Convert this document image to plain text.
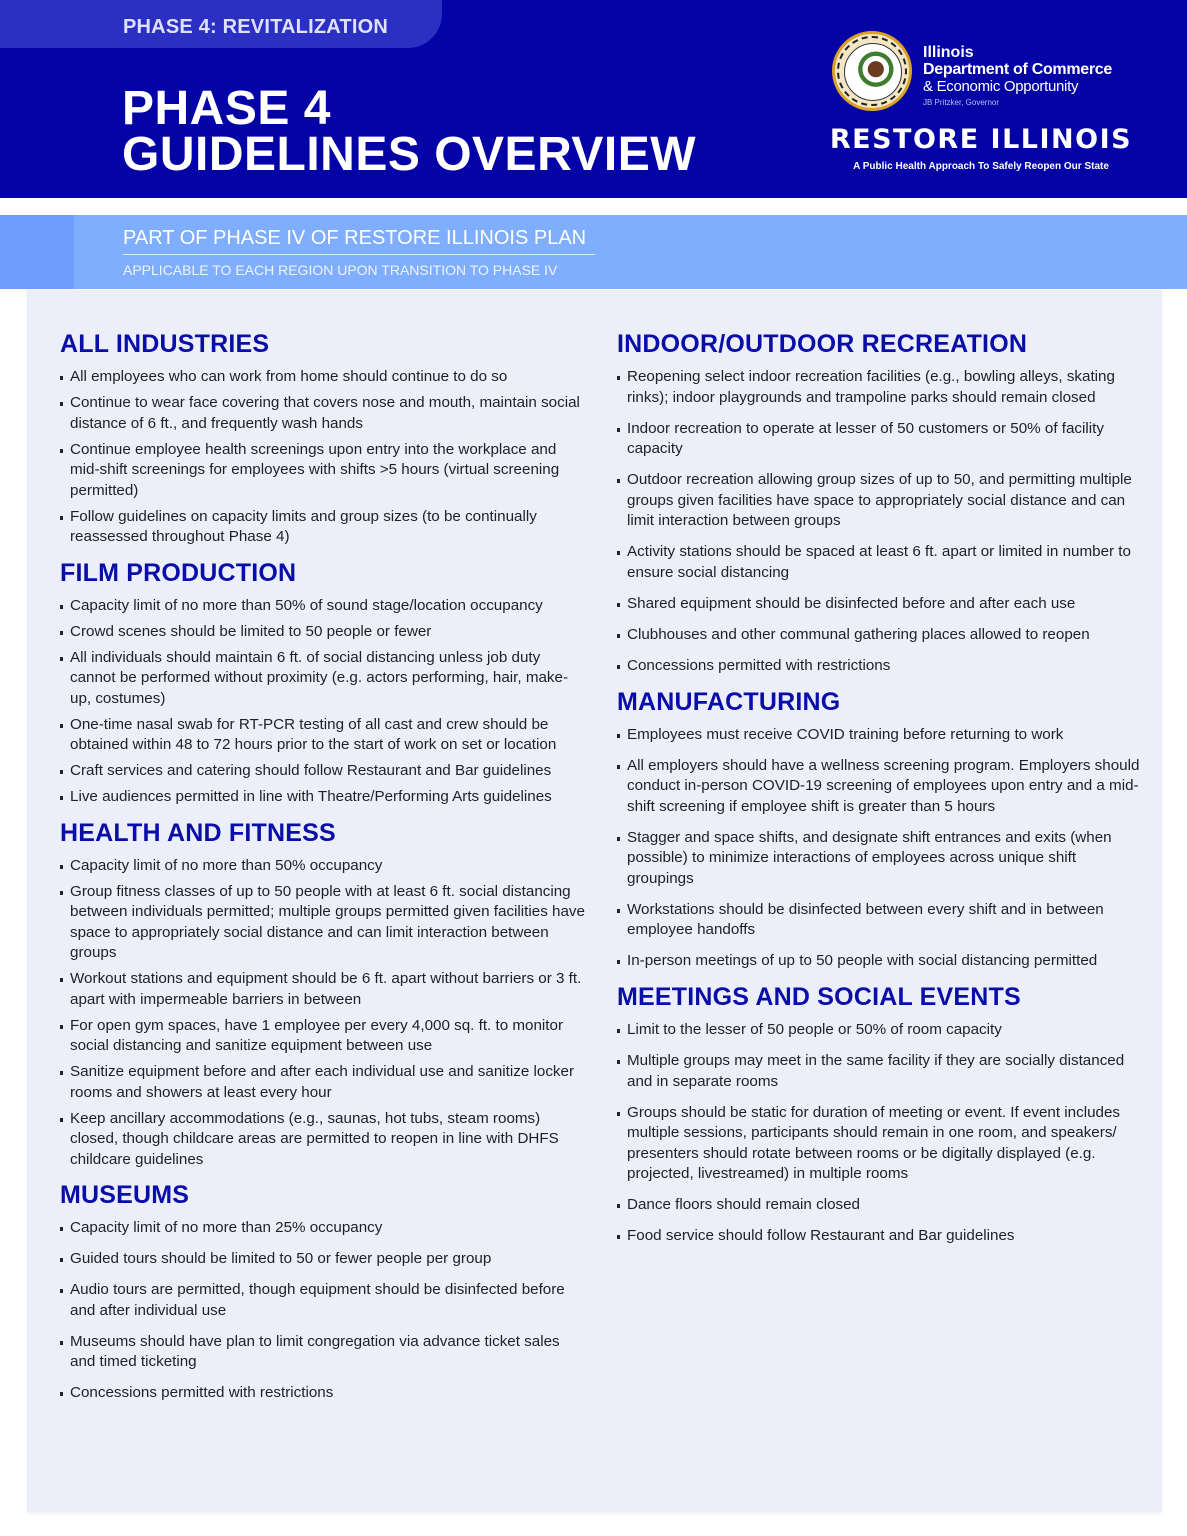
PHASE 4: REVITALIZATION
PHASE 4
GUIDELINES OVERVIEW
Illinois
Department of Commerce
& Economic Opportunity
JB Pritzker, Governor
RESTORE ILLINOIS
A Public Health Approach To Safely Reopen Our State
PART OF PHASE IV OF RESTORE ILLINOIS PLAN
APPLICABLE TO EACH REGION UPON TRANSITION TO PHASE IV
ALL INDUSTRIES
All employees who can work from home should continue to do so
Continue to wear face covering that covers nose and mouth, maintain social distance of 6 ft., and frequently wash hands
Continue employee health screenings upon entry into the workplace and mid-shift screenings for employees with shifts >5 hours (virtual screening permitted)
Follow guidelines on capacity limits and group sizes (to be continually reassessed throughout Phase 4)
FILM PRODUCTION
Capacity limit of no more than 50% of sound stage/location occupancy
Crowd scenes should be limited to 50 people or fewer
All individuals should maintain 6 ft. of social distancing unless job duty cannot be performed without proximity (e.g. actors performing, hair, make-up, costumes)
One-time nasal swab for RT-PCR testing of all cast and crew should be obtained within 48 to 72 hours prior to the start of work on set or location
Craft services and catering should follow Restaurant and Bar guidelines
Live audiences permitted in line with Theatre/Performing Arts guidelines
HEALTH AND FITNESS
Capacity limit of no more than 50% occupancy
Group fitness classes of up to 50 people with at least 6 ft. social distancing between individuals permitted; multiple groups permitted given facilities have space to appropriately social distance and can limit interaction between groups
Workout stations and equipment should be 6 ft. apart without barriers or 3 ft. apart with impermeable barriers in between
For open gym spaces, have 1 employee per every 4,000 sq. ft. to monitor social distancing and sanitize equipment between use
Sanitize equipment before and after each individual use and sanitize locker rooms and showers at least every hour
Keep ancillary accommodations (e.g., saunas, hot tubs, steam rooms) closed, though childcare areas are permitted to reopen in line with DHFS childcare guidelines
MUSEUMS
Capacity limit of no more than 25% occupancy
Guided tours should be limited to 50 or fewer people per group
Audio tours are permitted, though equipment should be disinfected before and after individual use
Museums should have plan to limit congregation via advance ticket sales and timed ticketing
Concessions permitted with restrictions
INDOOR/OUTDOOR RECREATION
Reopening select indoor recreation facilities (e.g., bowling alleys, skating rinks); indoor playgrounds and trampoline parks should remain closed
Indoor recreation to operate at lesser of 50 customers or 50% of facility capacity
Outdoor recreation allowing group sizes of up to 50, and permitting multiple groups given facilities have space to appropriately social distance and can limit interaction between groups
Activity stations should be spaced at least 6 ft. apart or limited in number to ensure social distancing
Shared equipment should be disinfected before and after each use
Clubhouses and other communal gathering places allowed to reopen
Concessions permitted with restrictions
MANUFACTURING
Employees must receive COVID training before returning to work
All employers should have a wellness screening program. Employers should conduct in-person COVID-19 screening of employees upon entry and a mid-shift screening if employee shift is greater than 5 hours
Stagger and space shifts, and designate shift entrances and exits (when possible) to minimize interactions of employees across unique shift groupings
Workstations should be disinfected between every shift and in between employee handoffs
In-person meetings of up to 50 people with social distancing permitted
MEETINGS AND SOCIAL EVENTS
Limit to the lesser of 50 people or 50% of room capacity
Multiple groups may meet in the same facility if they are socially distanced and in separate rooms
Groups should be static for duration of meeting or event. If event includes multiple sessions, participants should remain in one room, and speakers/ presenters should rotate between rooms or be digitally displayed (e.g. projected, livestreamed) in multiple rooms
Dance floors should remain closed
Food service should follow Restaurant and Bar guidelines
